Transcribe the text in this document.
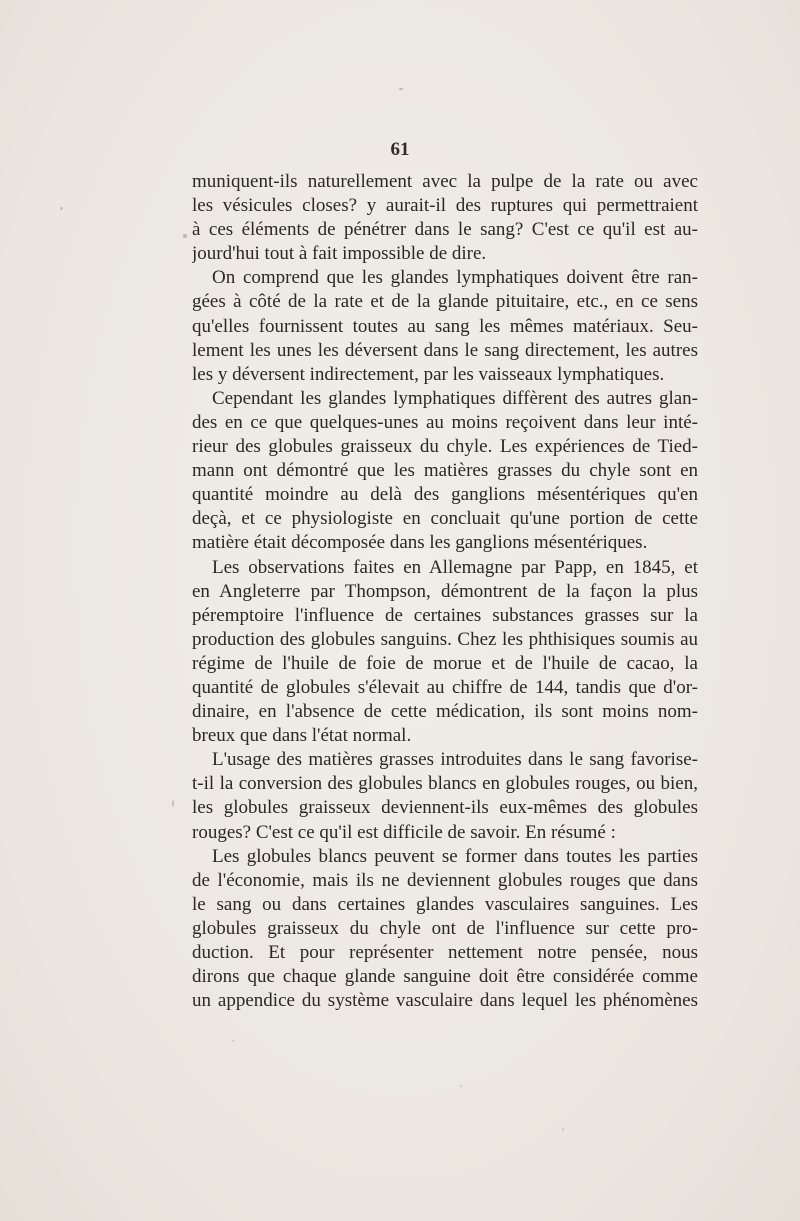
61
muniquent-ils naturellement avec la pulpe de la rate ou avec
les vésicules closes? y aurait-il des ruptures qui permettraient
à ces éléments de pénétrer dans le sang? C'est ce qu'il est au-
jourd'hui tout à fait impossible de dire.
On comprend que les glandes lymphatiques doivent être ran-
gées à côté de la rate et de la glande pituitaire, etc., en ce sens
qu'elles fournissent toutes au sang les mêmes matériaux. Seu-
lement les unes les déversent dans le sang directement, les autres
les y déversent indirectement, par les vaisseaux lymphatiques.
Cependant les glandes lymphatiques diffèrent des autres glan-
des en ce que quelques-unes au moins reçoivent dans leur inté-
rieur des globules graisseux du chyle. Les expériences de Tied-
mann ont démontré que les matières grasses du chyle sont en
quantité moindre au delà des ganglions mésentériques qu'en
deçà, et ce physiologiste en concluait qu'une portion de cette
matière était décomposée dans les ganglions mésentériques.
Les observations faites en Allemagne par Papp, en 1845, et
en Angleterre par Thompson, démontrent de la façon la plus
péremptoire l'influence de certaines substances grasses sur la
production des globules sanguins. Chez les phthisiques soumis au
régime de l'huile de foie de morue et de l'huile de cacao, la
quantité de globules s'élevait au chiffre de 144, tandis que d'or-
dinaire, en l'absence de cette médication, ils sont moins nom-
breux que dans l'état normal.
L'usage des matières grasses introduites dans le sang favorise-
t-il la conversion des globules blancs en globules rouges, ou bien,
les globules graisseux deviennent-ils eux-mêmes des globules
rouges? C'est ce qu'il est difficile de savoir. En résumé :
Les globules blancs peuvent se former dans toutes les parties
de l'économie, mais ils ne deviennent globules rouges que dans
le sang ou dans certaines glandes vasculaires sanguines. Les
globules graisseux du chyle ont de l'influence sur cette pro-
duction. Et pour représenter nettement notre pensée, nous
dirons que chaque glande sanguine doit être considérée comme
un appendice du système vasculaire dans lequel les phénomènes
